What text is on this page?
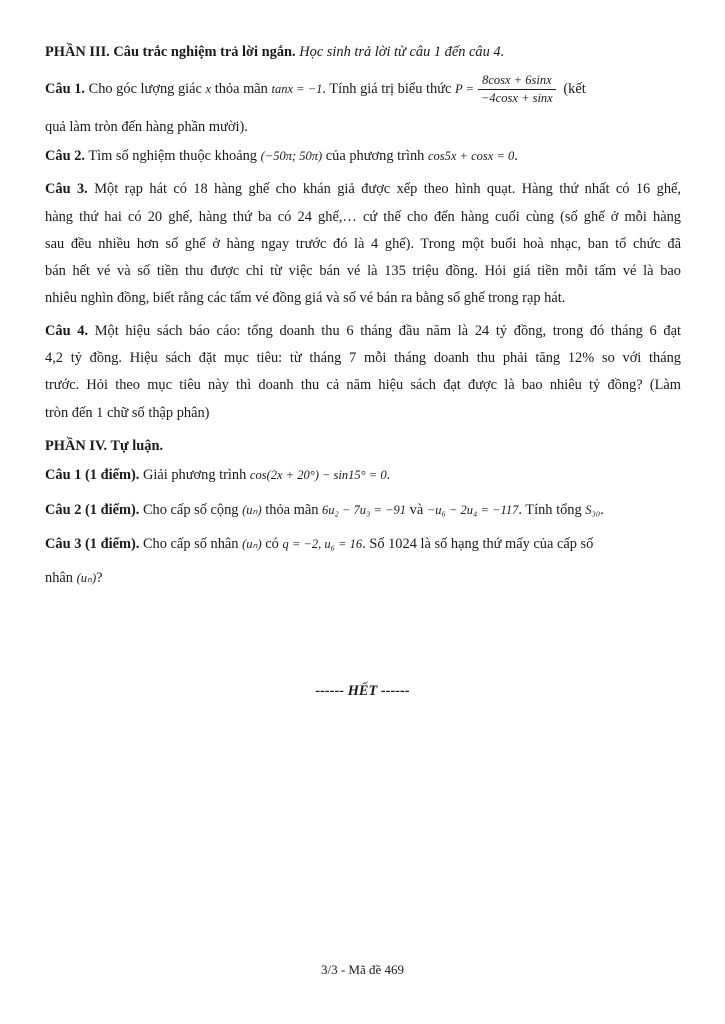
PHẦN III. Câu trắc nghiệm trả lời ngắn. Học sinh trả lời từ câu 1 đến câu 4.
Câu 1. Cho góc lượng giác x thỏa mãn tanx = −1. Tính giá trị biểu thức $P = \frac{8\cos x + 6\sin x}{-4\cos x + \sin x}$ (kết
quả làm tròn đến hàng phần mười).
Câu 2. Tìm số nghiệm thuộc khoảng (−50π; 50π) của phương trình cos5x + cosx = 0.
Câu 3. Một rạp hát có 18 hàng ghế cho khán giả được xếp theo hình quạt. Hàng thứ nhất có 16 ghế,
hàng thứ hai có 20 ghế, hàng thứ ba có 24 ghế,… cứ thế cho đến hàng cuối cùng (số ghế ở mỗi hàng
sau đều nhiều hơn số ghế ở hàng ngay trước đó là 4 ghế). Trong một buổi hoà nhạc, ban tổ chức đã
bán hết vé và số tiền thu được chỉ từ việc bán vé là 135 triệu đồng. Hỏi giá tiền mỗi tấm vé là bao
nhiêu nghìn đồng, biết rằng các tấm vé đồng giá và số vé bán ra bằng số ghế trong rạp hát.
Câu 4. Một hiệu sách báo cáo: tổng doanh thu 6 tháng đầu năm là 24 tỷ đồng, trong đó tháng 6 đạt
4,2 tỷ đồng. Hiệu sách đặt mục tiêu: từ tháng 7 mỗi tháng doanh thu phải tăng 12% so với tháng
trước. Hỏi theo mục tiêu này thì doanh thu cả năm hiệu sách đạt được là bao nhiêu tỷ đồng? (Làm
tròn đến 1 chữ số thập phân)
PHẦN IV. Tự luận.
Câu 1 (1 điểm). Giải phương trình cos(2x + 20°) − sin15° = 0.
Câu 2 (1 điểm). Cho cấp số cộng (uₙ) thỏa mãn 6u₂ − 7u₃ = −91 và −u₆ − 2u₄ = −117. Tính tổng S₃₀.
Câu 3 (1 điểm). Cho cấp số nhân (uₙ) có q = −2, u₆ = 16. Số 1024 là số hạng thứ mấy của cấp số
nhân (uₙ)?
------ HẾT ------
3/3 - Mã đề 469
